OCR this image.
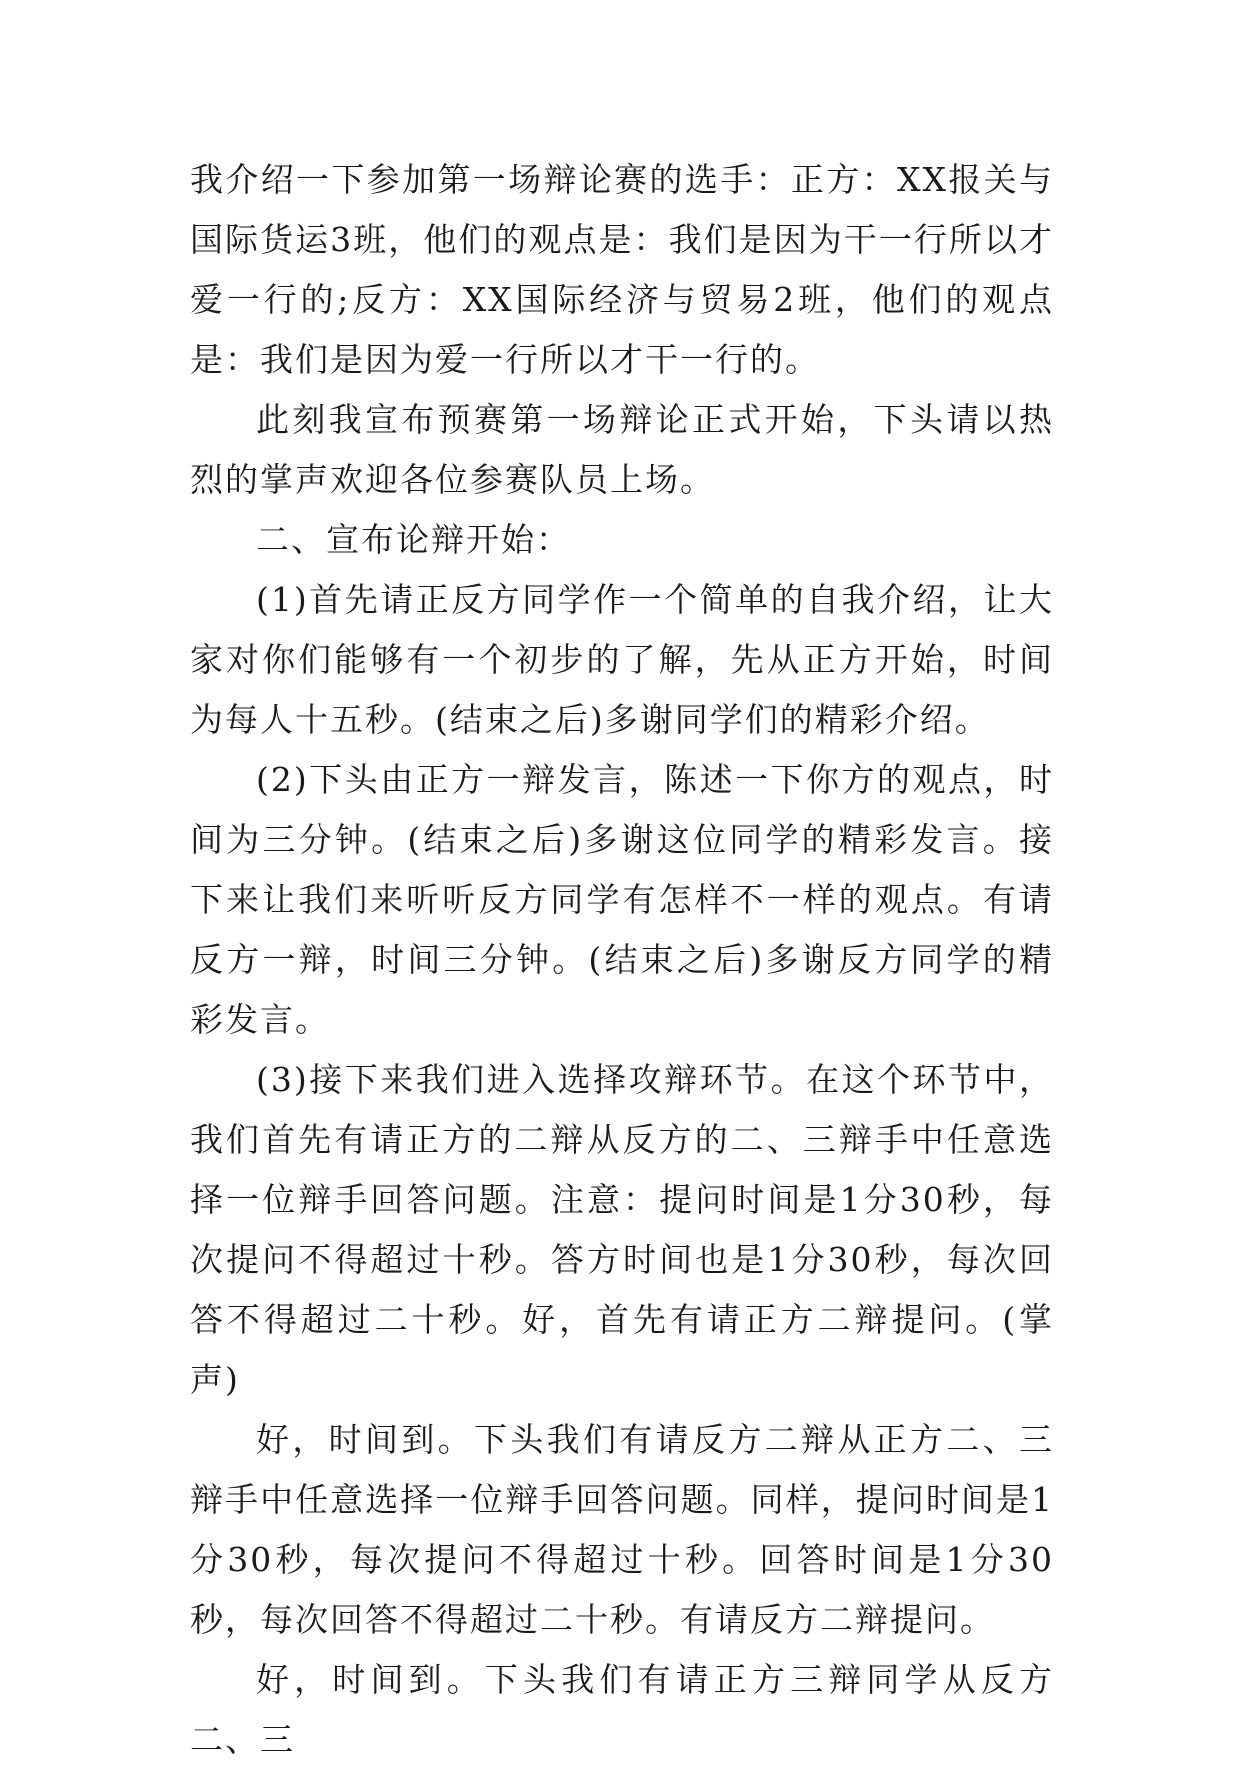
我介绍一下参加第一场辩论赛的选手：正方：XX报关与国际货运3班，他们的观点是：我们是因为干一行所以才爱一行的;反方：XX国际经济与贸易2班，他们的观点是：我们是因为爱一行所以才干一行的。

此刻我宣布预赛第一场辩论正式开始，下头请以热烈的掌声欢迎各位参赛队员上场。

二、宣布论辩开始：

(1)首先请正反方同学作一个简单的自我介绍，让大家对你们能够有一个初步的了解，先从正方开始，时间为每人十五秒。(结束之后)多谢同学们的精彩介绍。

(2)下头由正方一辩发言，陈述一下你方的观点，时间为三分钟。(结束之后)多谢这位同学的精彩发言。接下来让我们来听听反方同学有怎样不一样的观点。有请反方一辩，时间三分钟。(结束之后)多谢反方同学的精彩发言。

(3)接下来我们进入选择攻辩环节。在这个环节中，我们首先有请正方的二辩从反方的二、三辩手中任意选择一位辩手回答问题。注意：提问时间是1分30秒，每次提问不得超过十秒。答方时间也是1分30秒，每次回答不得超过二十秒。好，首先有请正方二辩提问。(掌声)

好，时间到。下头我们有请反方二辩从正方二、三辩手中任意选择一位辩手回答问题。同样，提问时间是1分30秒，每次提问不得超过十秒。回答时间是1分30秒，每次回答不得超过二十秒。有请反方二辩提问。

好，时间到。下头我们有请正方三辩同学从反方二、三
